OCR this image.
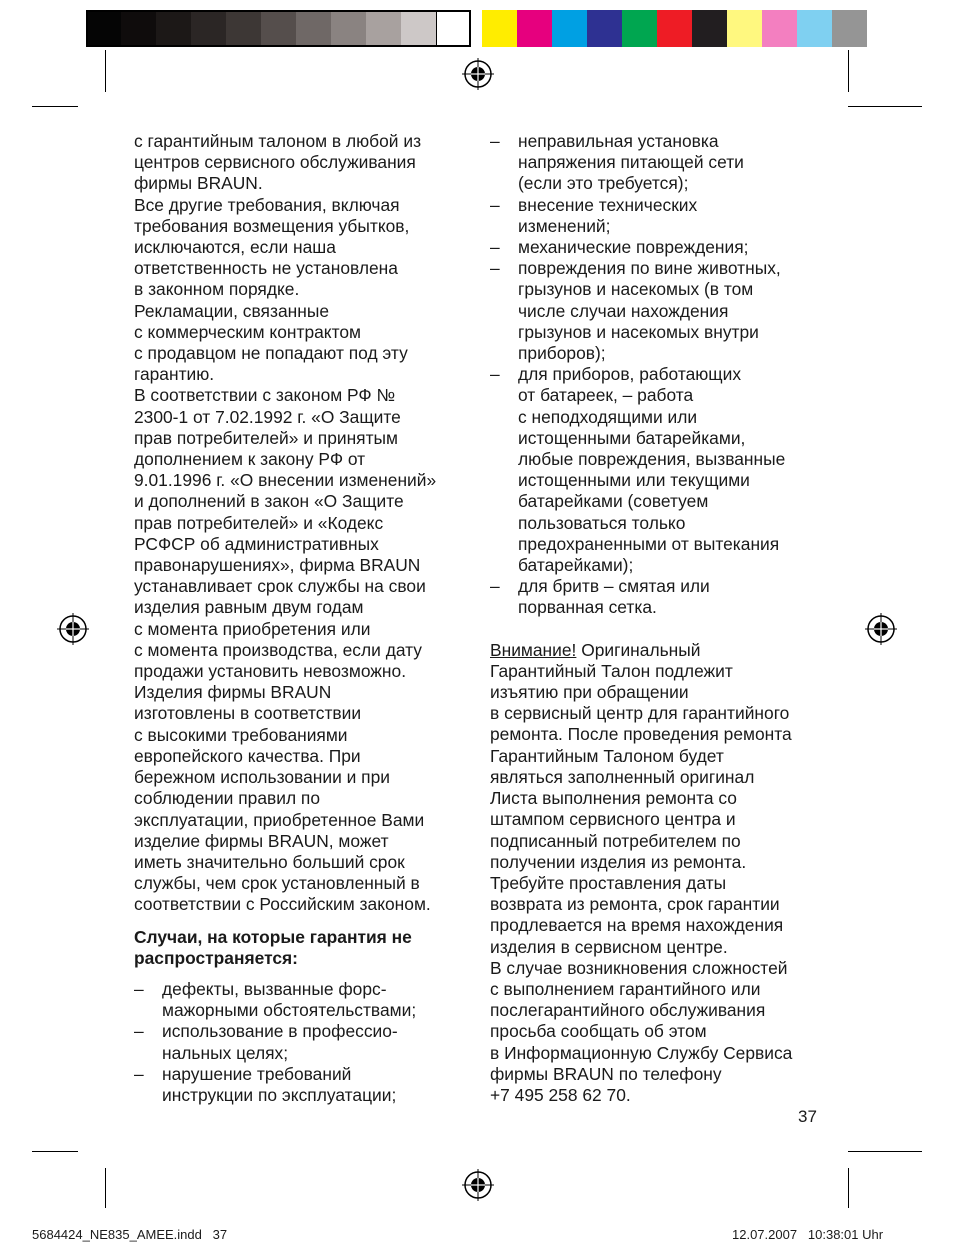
с гарантийным талоном в любой из
центров сервисного обслуживания
фирмы BRAUN.

Все другие требования, включая
требования возмещения убытков,
исключаются, если наша
ответственность не установлена
в законном порядке.

Рекламации, связанные
с коммерческим контрактом
с продавцом не попадают под эту
гарантию.

В соответствии с законом РФ №
2300-1 от 7.02.1992 г. «О Защите
прав потребителей» и принятым
дополнением к закону РФ от
9.01.1996 г. «О внесении изменений»
и дополнений в закон «О Защите
прав потребителей» и «Кодекс
РСФСР об административных
правонарушениях», фирма BRAUN
устанавливает срок службы на свои
изделия равным двум годам
с момента приобретения или
с момента производства, если дату
продажи установить невозможно.

Изделия фирмы BRAUN
изготовлены в соответствии
с высокими требованиями
европейского качества. При
бережном использовании и при
соблюдении правил по
эксплуатации, приобретенное Вами
изделие фирмы BRAUN, может
иметь значительно больший срок
службы, чем срок установленный в
соответствии с Российским законом.

Случаи, на которые гарантия не
распространяется:

– дефекты, вызванные форс-
мажорными обстоятельствами;
– использование в профессио-
нальных целях;
– нарушение требований
инструкции по эксплуатации;
– неправильная установка
напряжения питающей сети
(если это требуется);
– внесение технических
изменений;
– механические повреждения;
– повреждения по вине животных,
грызунов и насекомых (в том
числе случаи нахождения
грызунов и насекомых внутри
приборов);
– для приборов, работающих
от батареек, – работа
с неподходящими или
истощенными батарейками,
любые повреждения, вызванные
истощенными или текущими
батарейками (советуем
пользоваться только
предохраненными от вытекания
батарейками);
– для бритв – смятая или
порванная сетка.

Внимание! Оригинальный
Гарантийный Талон подлежит
изъятию при обращении
в сервисный центр для гарантийного
ремонта. После проведения ремонта
Гарантийным Талоном будет
являться заполненный оригинал
Листа выполнения ремонта со
штампом сервисного центра и
подписанный потребителем по
получении изделия из ремонта.
Требуйте проставления даты
возврата из ремонта, срок гарантии
продлевается на время нахождения
изделия в сервисном центре.
В случае возникновения сложностей
с выполнением гарантийного или
послегарантийного обслуживания
просьба сообщать об этом
в Информационную Службу Сервиса
фирмы BRAUN по телефону
+7 495 258 62 70.

37
5684424_NE835_AMEE.indd   37	12.07.2007   10:38:01 Uhr
